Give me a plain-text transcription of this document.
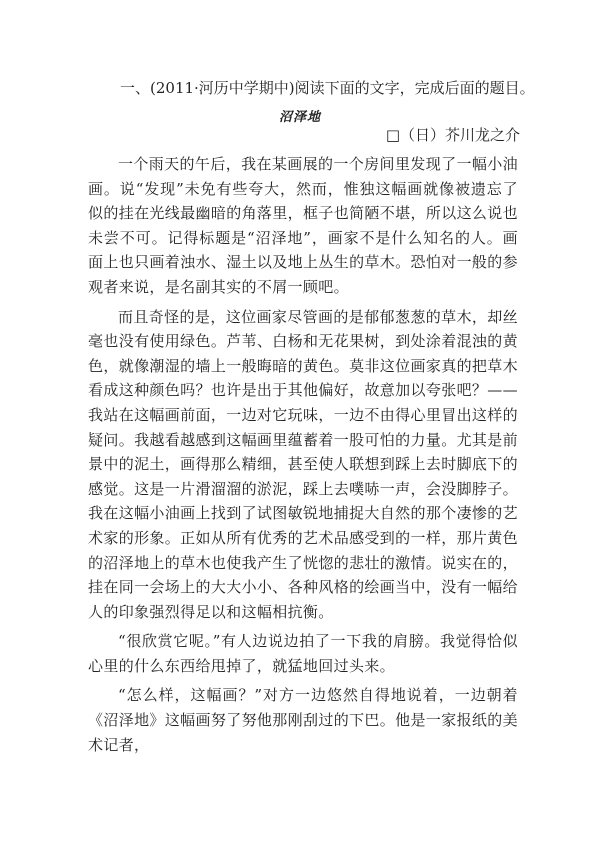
一、(2011·河历中学期中)阅读下面的文字，完成后面的题目。
沼泽地
□（日）芥川龙之介

一个雨天的午后，我在某画展的一个房间里发现了一幅小油画。说“发现”未免有些夸大，然而，惟独这幅画就像被遗忘了似的挂在光线最幽暗的角落里，框子也简陋不堪，所以这么说也未尝不可。记得标题是“沼泽地”，画家不是什么知名的人。画面上也只画着浊水、湿土以及地上丛生的草木。恐怕对一般的参观者来说，是名副其实的不屑一顾吧。

而且奇怪的是，这位画家尽管画的是郁郁葱葱的草木，却丝毫也没有使用绿色。芦苇、白杨和无花果树，到处涂着混浊的黄色，就像潮湿的墙上一般晦暗的黄色。莫非这位画家真的把草木看成这种颜色吗？也许是出于其他偏好，故意加以夸张吧？——我站在这幅画前面，一边对它玩味，一边不由得心里冒出这样的疑问。我越看越感到这幅画里蕴蓄着一股可怕的力量。尤其是前景中的泥土，画得那么精细，甚至使人联想到踩上去时脚底下的感觉。这是一片滑溜溜的淤泥，踩上去噗哧一声，会没脚脖子。我在这幅小油画上找到了试图敏锐地捕捉大自然的那个凄惨的艺术家的形象。正如从所有优秀的艺术品感受到的一样，那片黄色的沼泽地上的草木也使我产生了恍惚的悲壮的激情。说实在的，挂在同一会场上的大大小小、各种风格的绘画当中，没有一幅给人的印象强烈得足以和这幅相抗衡。

“很欣赏它呢。”有人边说边拍了一下我的肩膀。我觉得恰似心里的什么东西给甩掉了，就猛地回过头来。

“怎么样，这幅画？”对方一边悠然自得地说着，一边朝着《沼泽地》这幅画努了努他那刚刮过的下巴。他是一家报纸的美术记者，
